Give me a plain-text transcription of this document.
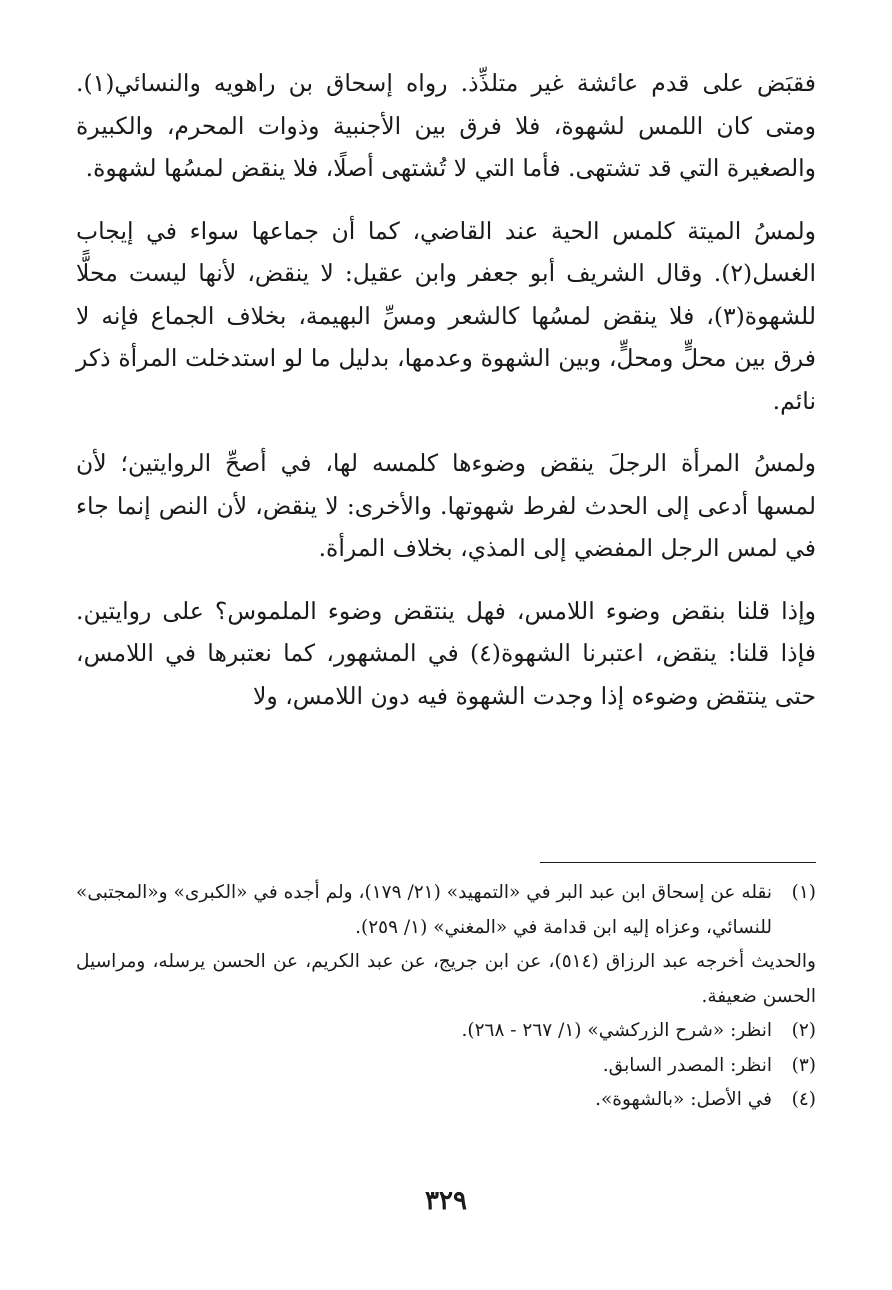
فقبَض على قدم عائشة غير متلذِّذ. رواه إسحاق بن راهويه والنسائي(١). ومتى كان اللمس لشهوة، فلا فرق بين الأجنبية وذوات المحرم، والكبيرة والصغيرة التي قد تشتهى. فأما التي لا تُشتهى أصلًا، فلا ينقض لمسُها لشهوة.

ولمسُ الميتة كلمس الحية عند القاضي، كما أن جماعها سواء في إيجاب الغسل(٢). وقال الشريف أبو جعفر وابن عقيل: لا ينقض، لأنها ليست محلًّا للشهوة(٣)، فلا ينقض لمسُها كالشعر ومسِّ البهيمة، بخلاف الجماع فإنه لا فرق بين محلٍّ ومحلٍّ، وبين الشهوة وعدمها، بدليل ما لو استدخلت المرأة ذكر نائم.

ولمسُ المرأة الرجلَ ينقض وضوءها كلمسه لها، في أصحِّ الروايتين؛ لأن لمسها أدعى إلى الحدث لفرط شهوتها. والأخرى: لا ينقض، لأن النص إنما جاء في لمس الرجل المفضي إلى المذي، بخلاف المرأة.

وإذا قلنا بنقض وضوء اللامس، فهل ينتقض وضوء الملموس؟ على روايتين. فإذا قلنا: ينقض، اعتبرنا الشهوة(٤) في المشهور، كما نعتبرها في اللامس، حتى ينتقض وضوءه إذا وجدت الشهوة فيه دون اللامس، ولا

(١)
نقله عن إسحاق ابن عبد البر في «التمهيد» (٢١/ ١٧٩)، ولم أجده في «الكبرى» و«المجتبى» للنسائي، وعزاه إليه ابن قدامة في «المغني» (١/ ٢٥٩).
والحديث أخرجه عبد الرزاق (٥١٤)، عن ابن جريج، عن عبد الكريم، عن الحسن يرسله، ومراسيل الحسن ضعيفة.
(٢)
انظر: «شرح الزركشي» (١/ ٢٦٧ - ٢٦٨).
(٣)
انظر: المصدر السابق.
(٤)
في الأصل: «بالشهوة».
٣٢٩
